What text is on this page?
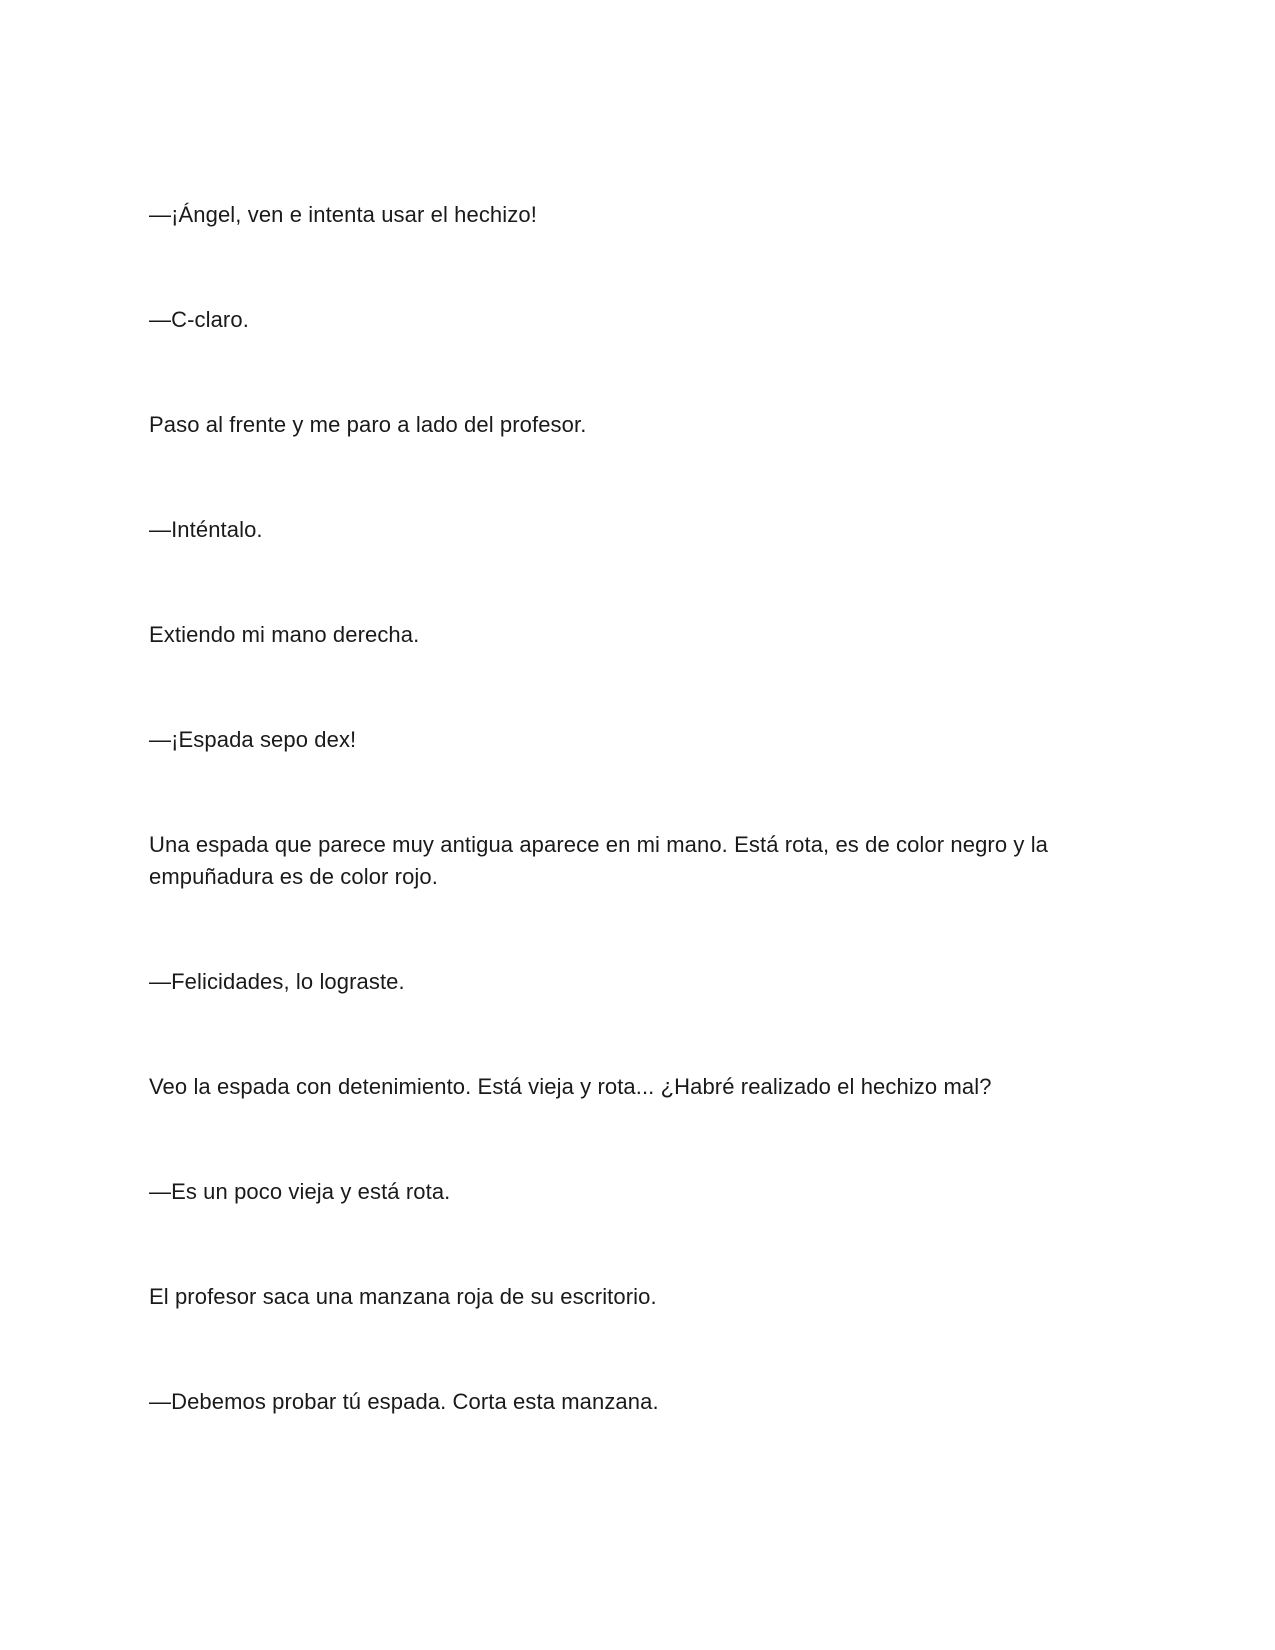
—¡Ángel, ven e intenta usar el hechizo!

—C-claro.

Paso al frente y me paro a lado del profesor.

—Inténtalo.

Extiendo mi mano derecha.

—¡Espada sepo dex!

Una espada que parece muy antigua aparece en mi mano. Está rota, es de color negro y la empuñadura es de color rojo.

—Felicidades, lo lograste.

Veo la espada con detenimiento. Está vieja y rota... ¿Habré realizado el hechizo mal?

—Es un poco vieja y está rota.

El profesor saca una manzana roja de su escritorio.

—Debemos probar tú espada. Corta esta manzana.
